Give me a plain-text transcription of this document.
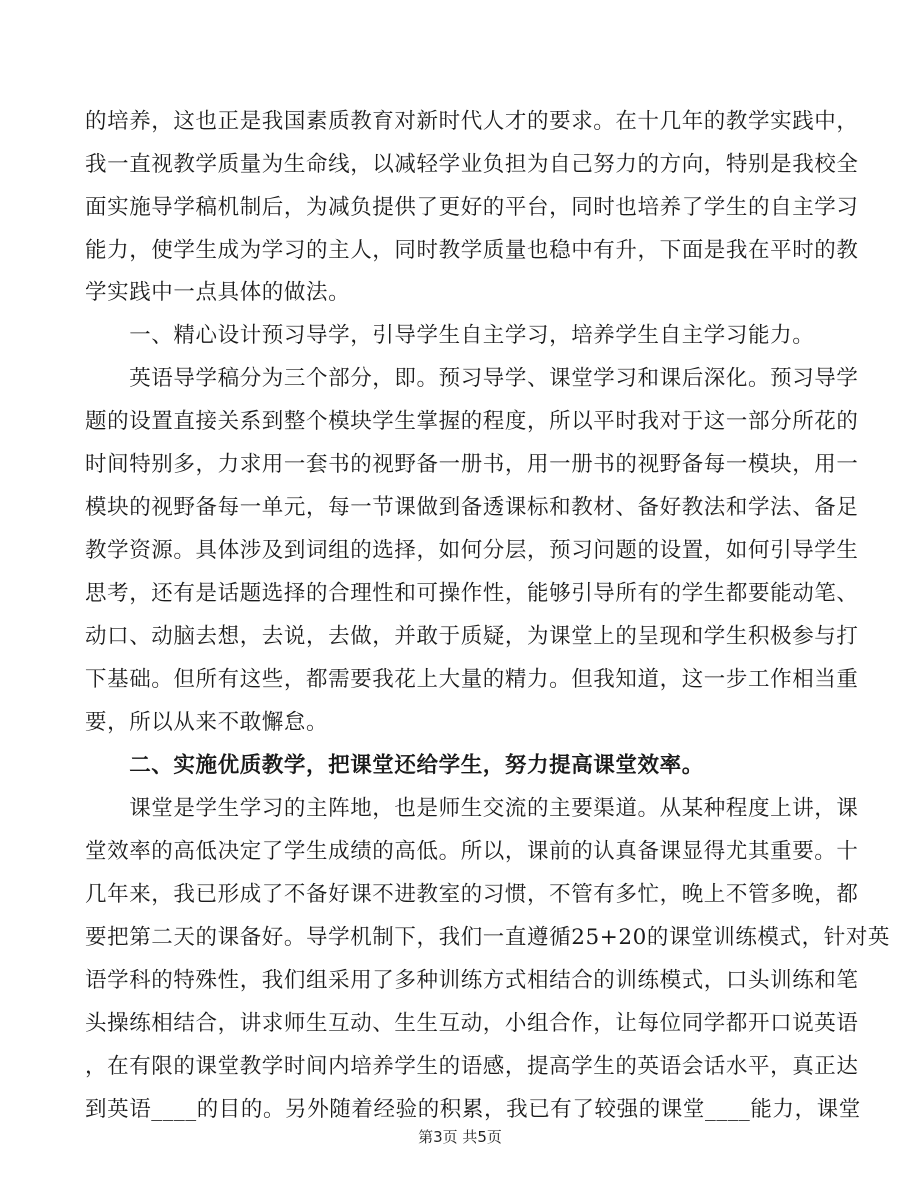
的培养，这也正是我国素质教育对新时代人才的要求。在十几年的教学实践中，
我一直视教学质量为生命线，以减轻学业负担为自己努力的方向，特别是我校全
面实施导学稿机制后，为减负提供了更好的平台，同时也培养了学生的自主学习
能力，使学生成为学习的主人，同时教学质量也稳中有升，下面是我在平时的教
学实践中一点具体的做法。
　　一、精心设计预习导学，引导学生自主学习，培养学生自主学习能力。
　　英语导学稿分为三个部分，即。预习导学、课堂学习和课后深化。预习导学
题的设置直接关系到整个模块学生掌握的程度，所以平时我对于这一部分所花的
时间特别多，力求用一套书的视野备一册书，用一册书的视野备每一模块，用一
模块的视野备每一单元，每一节课做到备透课标和教材、备好教法和学法、备足
教学资源。具体涉及到词组的选择，如何分层，预习问题的设置，如何引导学生
思考，还有是话题选择的合理性和可操作性，能够引导所有的学生都要能动笔、
动口、动脑去想，去说，去做，并敢于质疑，为课堂上的呈现和学生积极参与打
下基础。但所有这些，都需要我花上大量的精力。但我知道，这一步工作相当重
要，所以从来不敢懈怠。
　　二、实施优质教学，把课堂还给学生，努力提高课堂效率。
　　课堂是学生学习的主阵地，也是师生交流的主要渠道。从某种程度上讲，课
堂效率的高低决定了学生成绩的高低。所以，课前的认真备课显得尤其重要。十
几年来，我已形成了不备好课不进教室的习惯，不管有多忙，晚上不管多晚，都
要把第二天的课备好。导学机制下，我们一直遵循25+20的课堂训练模式，针对英
语学科的特殊性，我们组采用了多种训练方式相结合的训练模式，口头训练和笔
头操练相结合，讲求师生互动、生生互动，小组合作，让每位同学都开口说英语
，在有限的课堂教学时间内培养学生的语感，提高学生的英语会话水平，真正达
到英语____的目的。另外随着经验的积累，我已有了较强的课堂____能力，课堂
第3页 共5页
